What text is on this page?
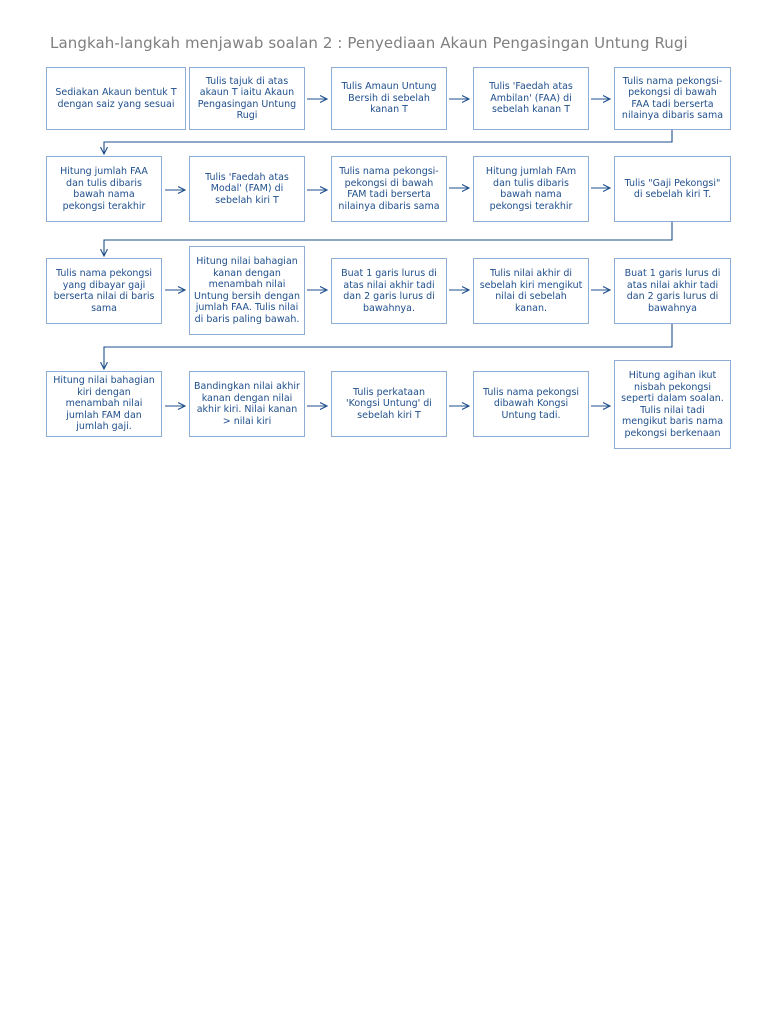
Langkah-langkah menjawab soalan 2 : Penyediaan Akaun Pengasingan Untung Rugi
Sediakan Akaun bentuk T dengan saiz yang sesuai
Tulis tajuk di atas akaun T iaitu Akaun Pengasingan Untung Rugi
Tulis Amaun Untung Bersih di sebelah kanan T
Tulis 'Faedah atas Ambilan' (FAA) di sebelah kanan T
Tulis nama pekongsi-pekongsi di bawah FAA tadi berserta nilainya dibaris sama
Hitung jumlah FAA dan tulis dibaris bawah nama pekongsi terakhir
Tulis 'Faedah atas Modal' (FAM) di sebelah kiri T
Tulis nama pekongsi-pekongsi di bawah FAM tadi berserta nilainya dibaris sama
Hitung jumlah FAm dan tulis dibaris bawah nama pekongsi terakhir
Tulis "Gaji Pekongsi" di sebelah kiri T.
Tulis nama pekongsi yang dibayar gaji berserta nilai di baris sama
Hitung nilai bahagian kanan dengan menambah nilai Untung bersih dengan jumlah FAA. Tulis nilai di baris paling bawah.
Buat 1 garis lurus di atas nilai akhir tadi dan 2 garis lurus di bawahnya.
Tulis nilai akhir di sebelah kiri mengikut nilai di sebelah kanan.
Buat 1 garis lurus di atas nilai akhir tadi dan 2 garis lurus di bawahnya
Hitung nilai bahagian kiri dengan menambah nilai jumlah FAM dan jumlah gaji.
Bandingkan nilai akhir kanan dengan nilai akhir kiri. Nilai kanan > nilai kiri
Tulis perkataan 'Kongsi Untung' di sebelah kiri T
Tulis nama pekongsi dibawah Kongsi Untung tadi.
Hitung agihan ikut nisbah pekongsi seperti dalam soalan. Tulis nilai tadi mengikut baris nama pekongsi berkenaan
